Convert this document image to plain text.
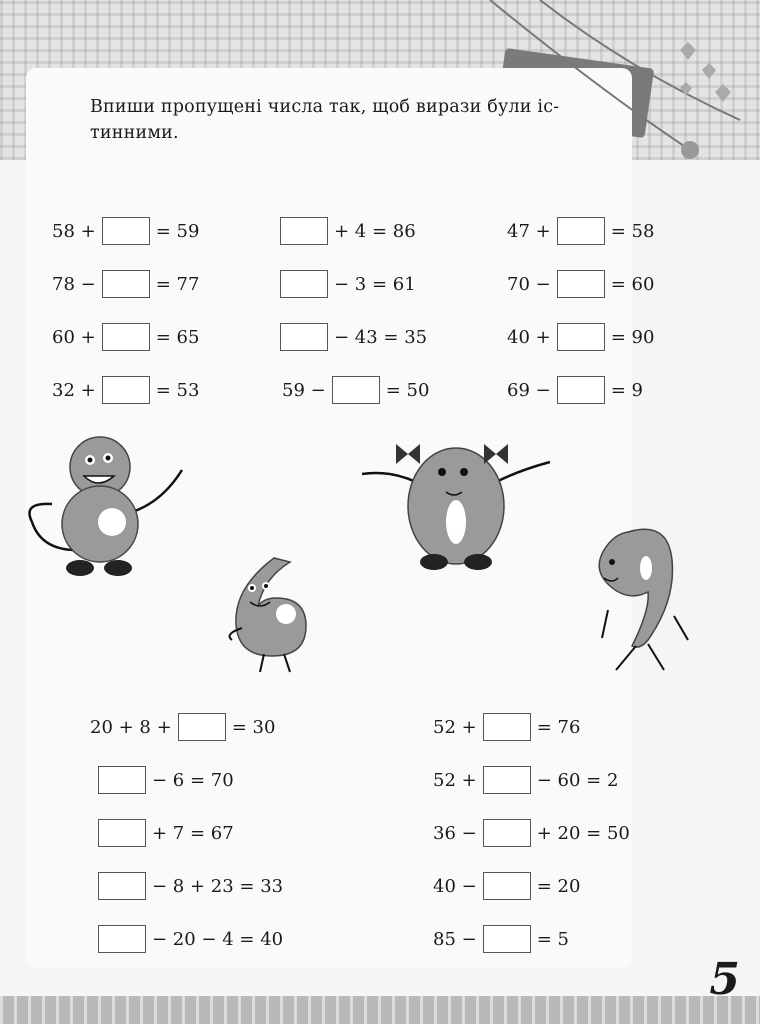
Впиши пропущені числа так, щоб вирази були іс-
тинними.
58 +	= 59
78 −	= 77
60 +	= 65
32 +	= 53
+ 4 = 86
− 3 = 61
− 43 = 35
59 −	= 50
47 +	= 58
70 −	= 60
40 +	= 90
69 −	= 9
20 + 8 +	= 30
− 6 = 70
+ 7 = 67
− 8 + 23 = 33
− 20 − 4 = 40
52 +	= 76
52 +	− 60 = 2
36 −	+ 20 = 50
40 −	= 20
85 −	= 5
5
